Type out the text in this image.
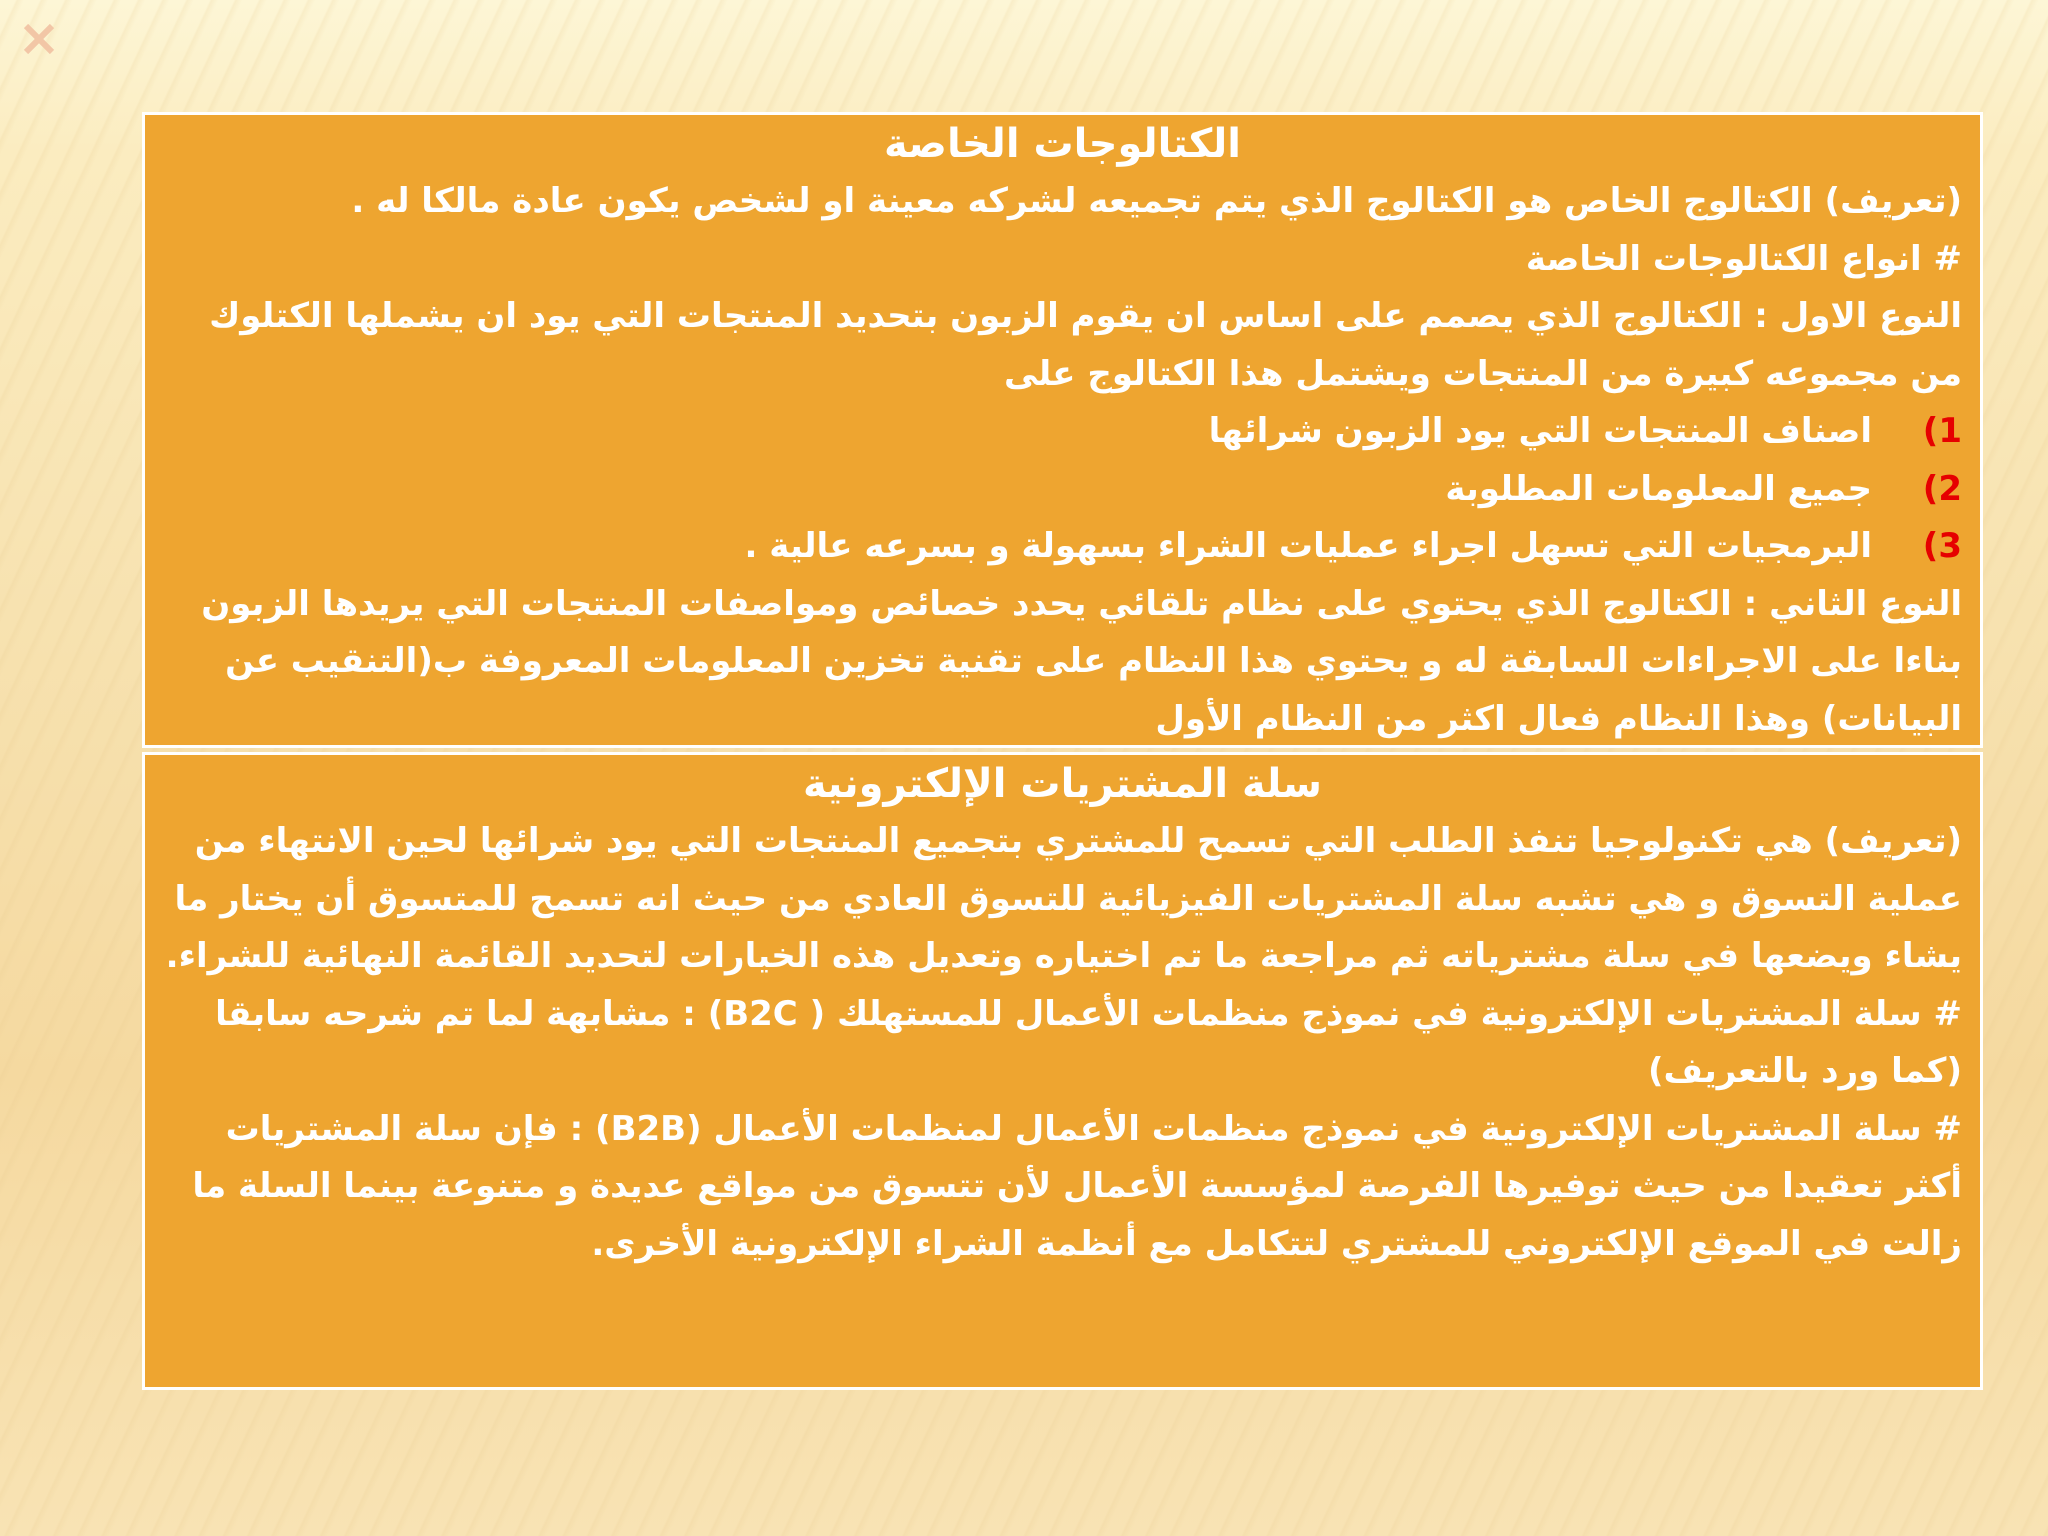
الكتالوجات الخاصة

(تعريف) الكتالوج الخاص هو الكتالوج الذي يتم تجميعه لشركه معينة او لشخص يكون عادة مالكا له .

# انواع الكتالوجات الخاصة

النوع الاول : الكتالوج الذي يصمم على اساس ان يقوم الزبون بتحديد المنتجات التي يود ان يشملها الكتلوك من مجموعه كبيرة من المنتجات ويشتمل هذا الكتالوج على

(1
اصناف المنتجات التي يود الزبون شرائها
(2
جميع المعلومات المطلوبة
(3
البرمجيات التي تسهل اجراء عمليات الشراء بسهولة و بسرعه عالية .

النوع الثاني : الكتالوج الذي يحتوي على نظام تلقائي يحدد خصائص ومواصفات المنتجات التي يريدها الزبون بناءا على الاجراءات السابقة له و يحتوي هذا النظام على تقنية تخزين المعلومات المعروفة ب(التنقيب عن البيانات) وهذا النظام فعال اكثر من النظام الأول

سلة المشتريات الإلكترونية

(تعريف) هي تكنولوجيا تنفذ الطلب التي تسمح للمشتري بتجميع المنتجات التي يود شرائها لحين الانتهاء من عملية التسوق و هي تشبه سلة المشتريات الفيزيائية للتسوق العادي من حيث انه تسمح للمتسوق أن يختار ما يشاء ويضعها في سلة مشترياته ثم مراجعة ما تم اختياره وتعديل هذه الخيارات لتحديد القائمة النهائية للشراء.

# سلة المشتريات الإلكترونية في نموذج منظمات الأعمال للمستهلك ( B2C) : مشابهة لما تم شرحه سابقا (كما ورد بالتعريف)

# سلة المشتريات الإلكترونية في نموذج منظمات الأعمال لمنظمات الأعمال (B2B) : فإن سلة المشتريات أكثر تعقيدا من حيث توفيرها الفرصة لمؤسسة الأعمال لأن تتسوق من مواقع عديدة و متنوعة بينما السلة ما زالت في الموقع الإلكتروني للمشتري لتتكامل مع أنظمة الشراء الإلكترونية الأخرى.
